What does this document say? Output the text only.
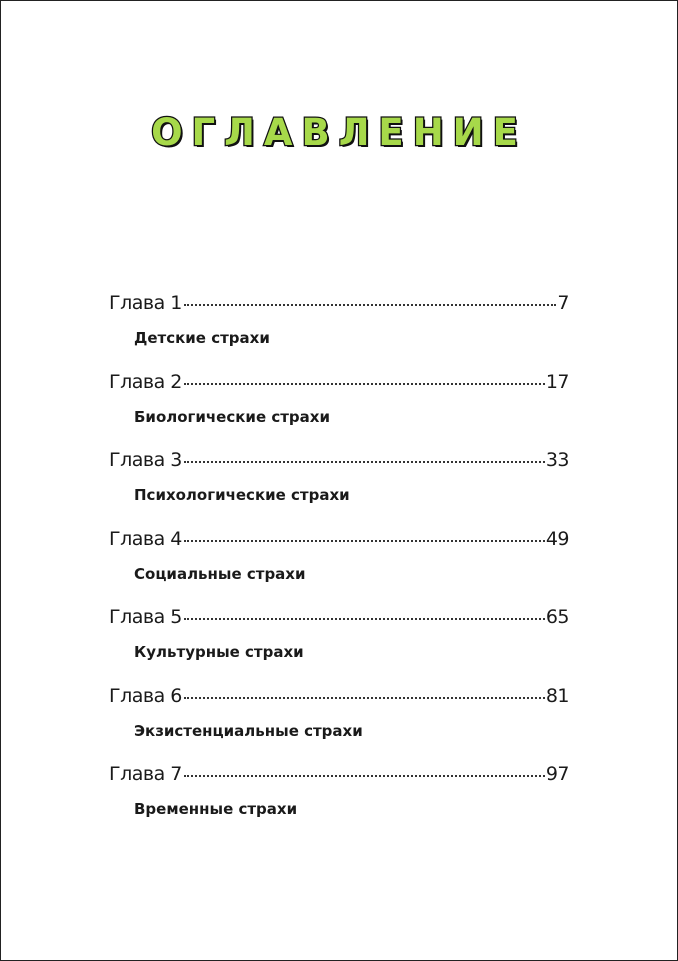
ОГЛАВЛЕНИЕ
Глава 1	7
Детские страхи
Глава 2	17
Биологические страхи
Глава 3	33
Психологические страхи
Глава 4	49
Социальные страхи
Глава 5	65
Культурные страхи
Глава 6	81
Экзистенциальные страхи
Глава 7	97
Временные страхи
